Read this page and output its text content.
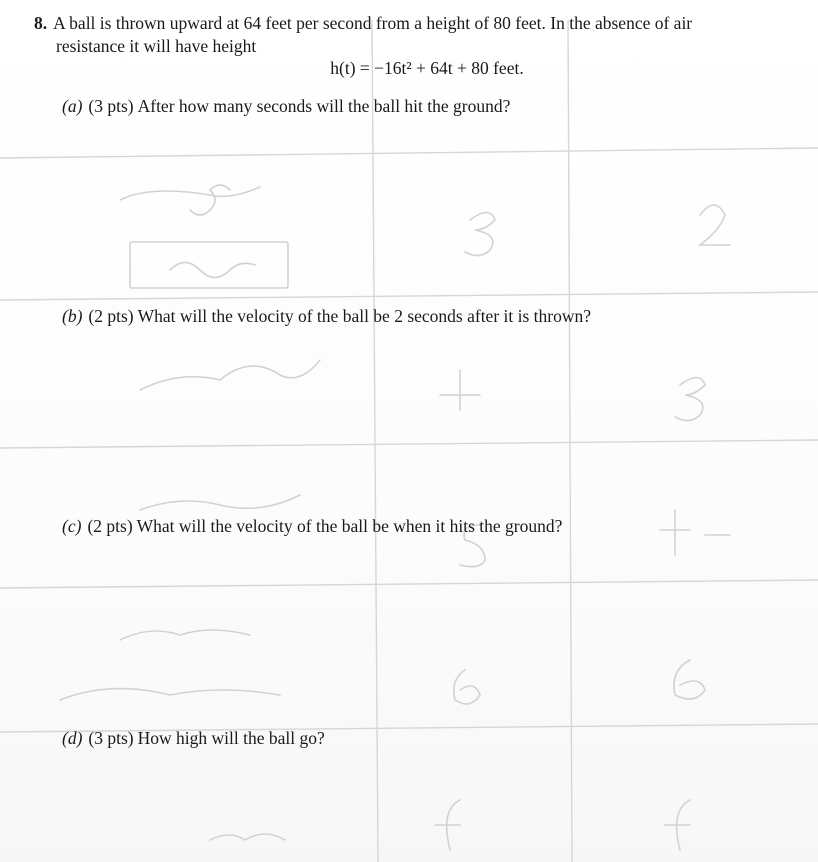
8. A ball is thrown upward at 64 feet per second from a height of 80 feet. In the absence of air
resistance it will have height
h(t) = −16t² + 64t + 80 feet.
(a) (3 pts) After how many seconds will the ball hit the ground?
(b) (2 pts) What will the velocity of the ball be 2 seconds after it is thrown?
(c) (2 pts) What will the velocity of the ball be when it hits the ground?
(d) (3 pts) How high will the ball go?
